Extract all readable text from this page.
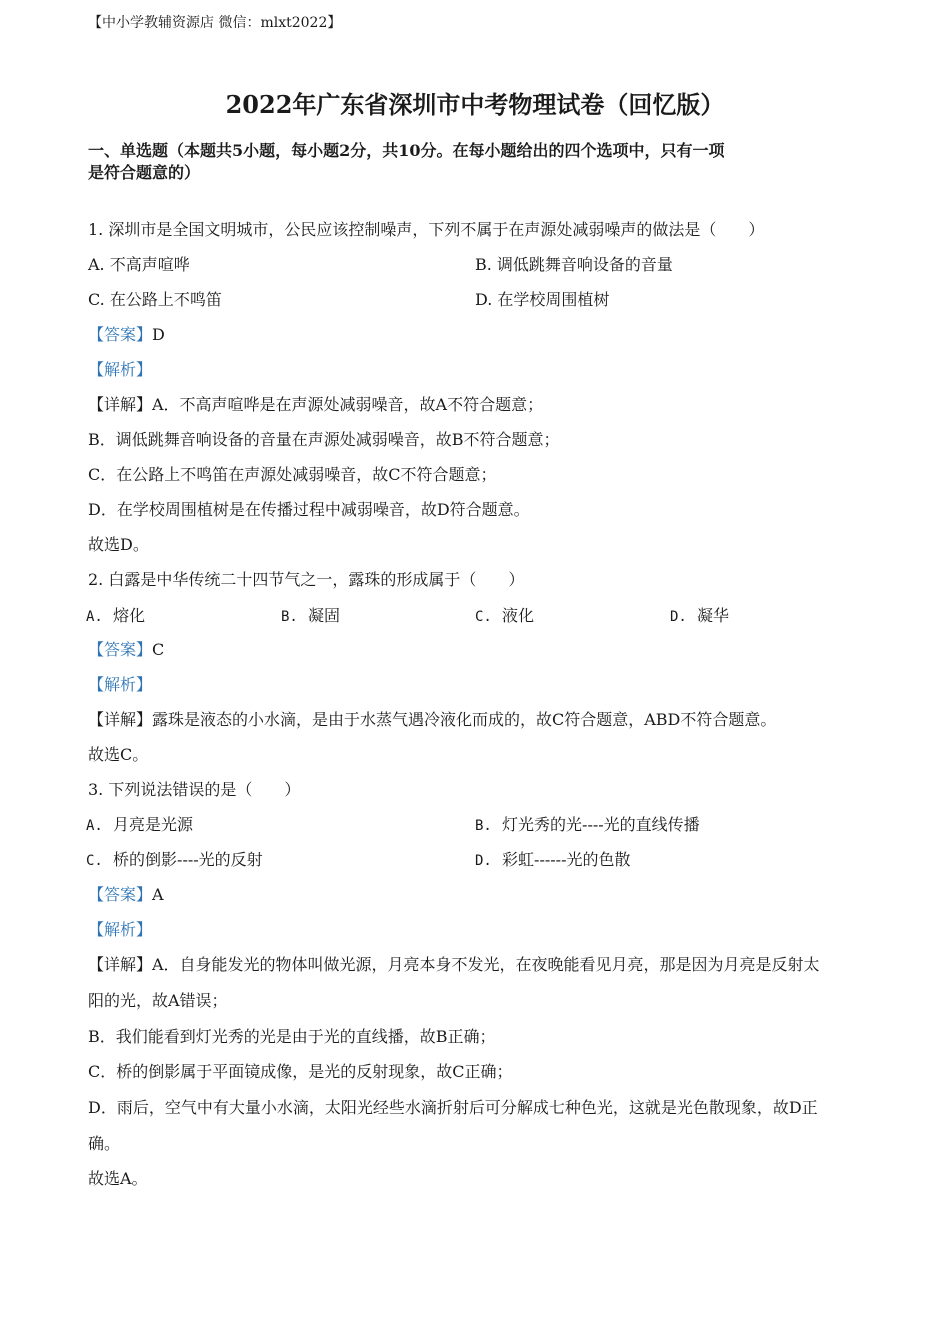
【中小学教辅资源店 微信：mlxt2022】
2022年广东省深圳市中考物理试卷（回忆版）
一、单选题（本题共5小题，每小题2分，共10分。在每小题给出的四个选项中，只有一项
是符合题意的）
1. 深圳市是全国文明城市，公民应该控制噪声，下列不属于在声源处减弱噪声的做法是（　　）
A. 不高声喧哗	B. 调低跳舞音响设备的音量
C. 在公路上不鸣笛	D. 在学校周围植树
【答案】D
【解析】
【详解】A．不高声喧哗是在声源处减弱噪音，故A不符合题意；
B．调低跳舞音响设备的音量在声源处减弱噪音，故B不符合题意；
C．在公路上不鸣笛在声源处减弱噪音，故C不符合题意；
D．在学校周围植树是在传播过程中减弱噪音，故D符合题意。
故选D。
2. 白露是中华传统二十四节气之一，露珠的形成属于（　　）
A. 熔化	B. 凝固	C. 液化	D. 凝华
【答案】C
【解析】
【详解】露珠是液态的小水滴，是由于水蒸气遇冷液化而成的，故C符合题意，ABD不符合题意。
故选C。
3. 下列说法错误的是（　　）
A. 月亮是光源	B. 灯光秀的光----光的直线传播
C. 桥的倒影----光的反射	D. 彩虹------光的色散
【答案】A
【解析】
【详解】A．自身能发光的物体叫做光源，月亮本身不发光，在夜晚能看见月亮，那是因为月亮是反射太
阳的光，故A错误；
B．我们能看到灯光秀的光是由于光的直线播，故B正确；
C．桥的倒影属于平面镜成像，是光的反射现象，故C正确；
D．雨后，空气中有大量小水滴，太阳光经些水滴折射后可分解成七种色光，这就是光色散现象，故D正
确。
故选A。
